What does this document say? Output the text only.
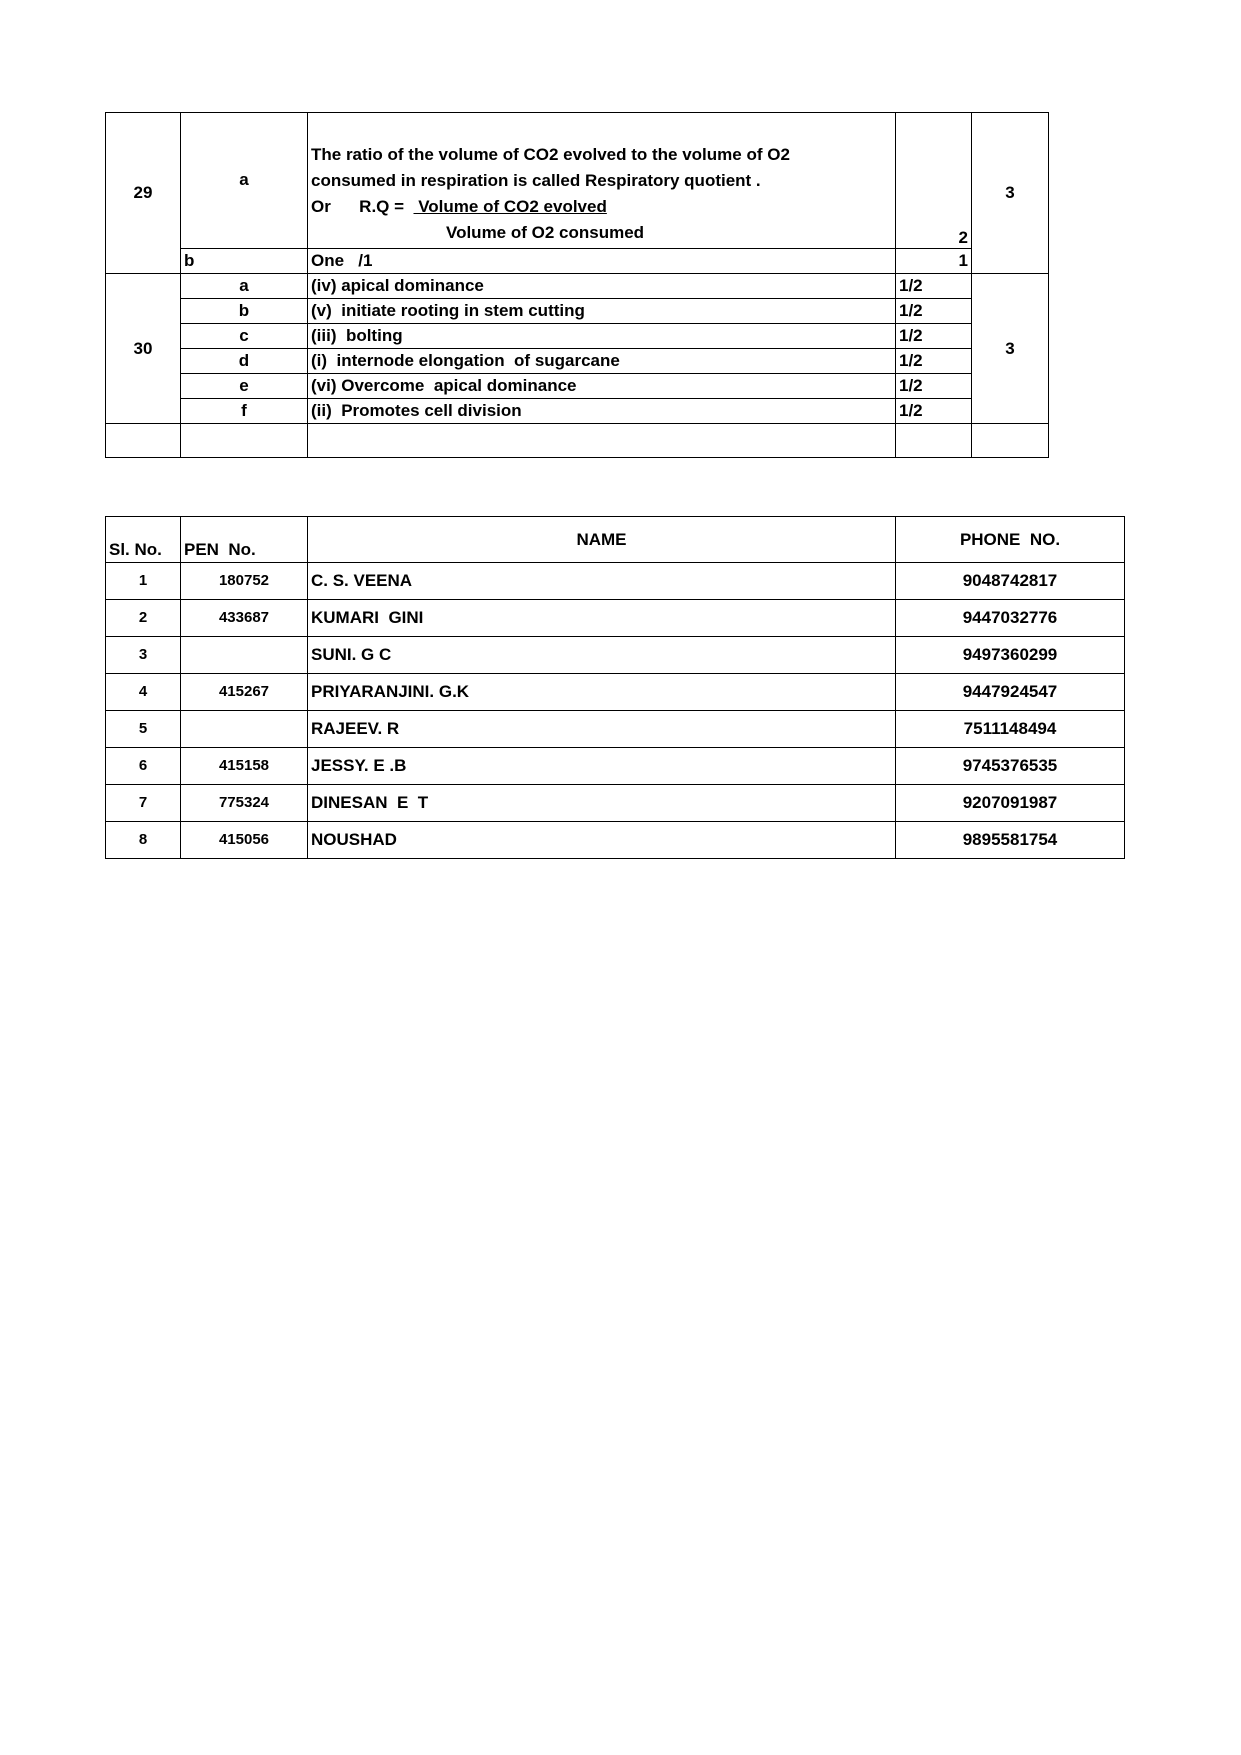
29	a	The ratio of the volume of CO2 evolved to the volume of O2
consumed in respiration is called Respiratory quotient .
Or      R.Q =   Volume of CO2 evolved
Volume of O2 consumed	2	3
	b	One   /1	1	
30	a	(iv) apical dominance	1/2	3
	b	(v)  initiate rooting in stem cutting	1/2	
	c	(iii)  bolting	1/2	
	d	(i)  internode elongation  of sugarcane	1/2	
	e	(vi) Overcome  apical dominance	1/2	
	f	(ii)  Promotes cell division	1/2	

Sl. No.	PEN  No.	NAME	PHONE  NO.
1	180752	C. S. VEENA	9048742817
2	433687	KUMARI  GINI	9447032776
3		SUNI. G C	9497360299
4	415267	PRIYARANJINI. G.K	9447924547
5		RAJEEV. R	7511148494
6	415158	JESSY. E .B	9745376535
7	775324	DINESAN  E  T	9207091987
8	415056	NOUSHAD	9895581754
